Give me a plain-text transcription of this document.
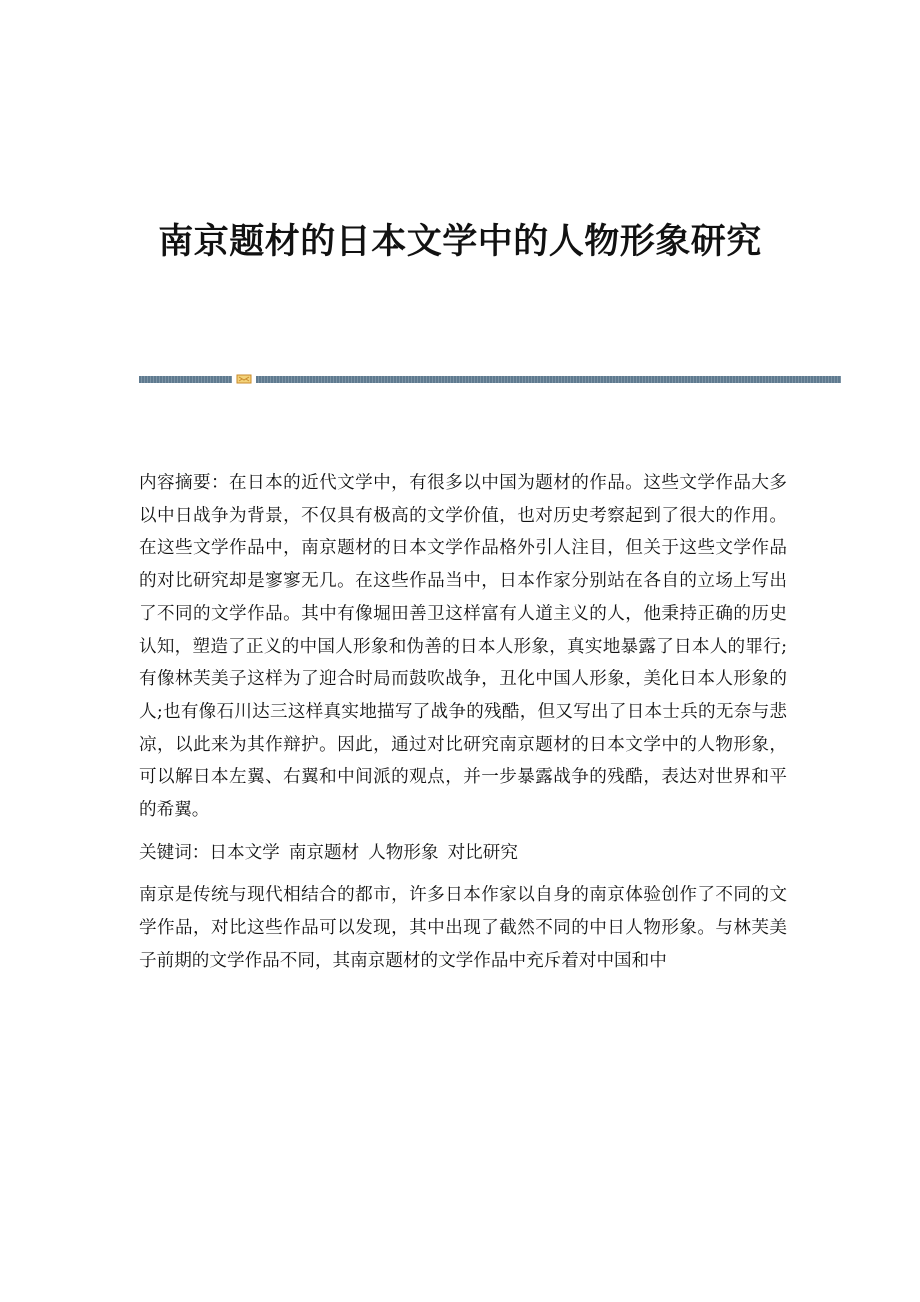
南京题材的日本文学中的人物形象研究

内容摘要：在日本的近代文学中，有很多以中国为题材的作品。这些文学作品大多以中日战争为背景，不仅具有极高的文学价值，也对历史考察起到了很大的作用。在这些文学作品中，南京题材的日本文学作品格外引人注目，但关于这些文学作品的对比研究却是寥寥无几。在这些作品当中，日本作家分别站在各自的立场上写出了不同的文学作品。其中有像堀田善卫这样富有人道主义的人，他秉持正确的历史认知，塑造了正义的中国人形象和伪善的日本人形象，真实地暴露了日本人的罪行;有像林芙美子这样为了迎合时局而鼓吹战争，丑化中国人形象，美化日本人形象的人;也有像石川达三这样真实地描写了战争的残酷，但又写出了日本士兵的无奈与悲凉，以此来为其作辩护。因此，通过对比研究南京题材的日本文学中的人物形象，可以解日本左翼、右翼和中间派的观点，并一步暴露战争的残酷，表达对世界和平的希翼。

关键词：日本文学 南京题材 人物形象 对比研究

南京是传统与现代相结合的都市，许多日本作家以自身的南京体验创作了不同的文学作品，对比这些作品可以发现，其中出现了截然不同的中日人物形象。与林芙美子前期的文学作品不同，其南京题材的文学作品中充斥着对中国和中
